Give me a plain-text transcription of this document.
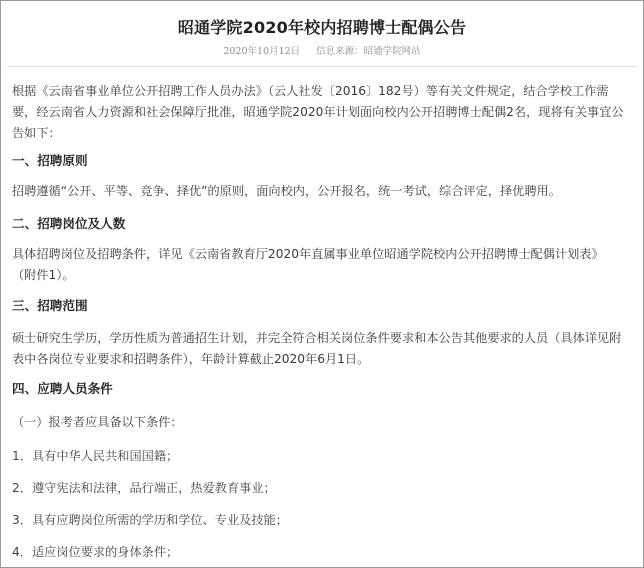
昭通学院2020年校内招聘博士配偶公告
2020年10月12日 信息来源：昭通学院网站
根据《云南省事业单位公开招聘工作人员办法》（云人社发〔2016〕182号）等有关文件规定，结合学校工作需
要，经云南省人力资源和社会保障厅批准，昭通学院2020年计划面向校内公开招聘博士配偶2名，现将有关事宜公
告如下：
一、招聘原则
招聘遵循“公开、平等、竞争、择优”的原则，面向校内，公开报名，统一考试，综合评定，择优聘用。
二、招聘岗位及人数
具体招聘岗位及招聘条件，详见《云南省教育厅2020年直属事业单位昭通学院校内公开招聘博士配偶计划表》
（附件1）。
三、招聘范围
硕士研究生学历，学历性质为普通招生计划，并完全符合相关岗位条件要求和本公告其他要求的人员（具体详见附
表中各岗位专业要求和招聘条件），年龄计算截止2020年6月1日。
四、应聘人员条件
（一）报考者应具备以下条件：
1．具有中华人民共和国国籍；
2．遵守宪法和法律，品行端正，热爱教育事业；
3．具有应聘岗位所需的学历和学位、专业及技能；
4．适应岗位要求的身体条件；
